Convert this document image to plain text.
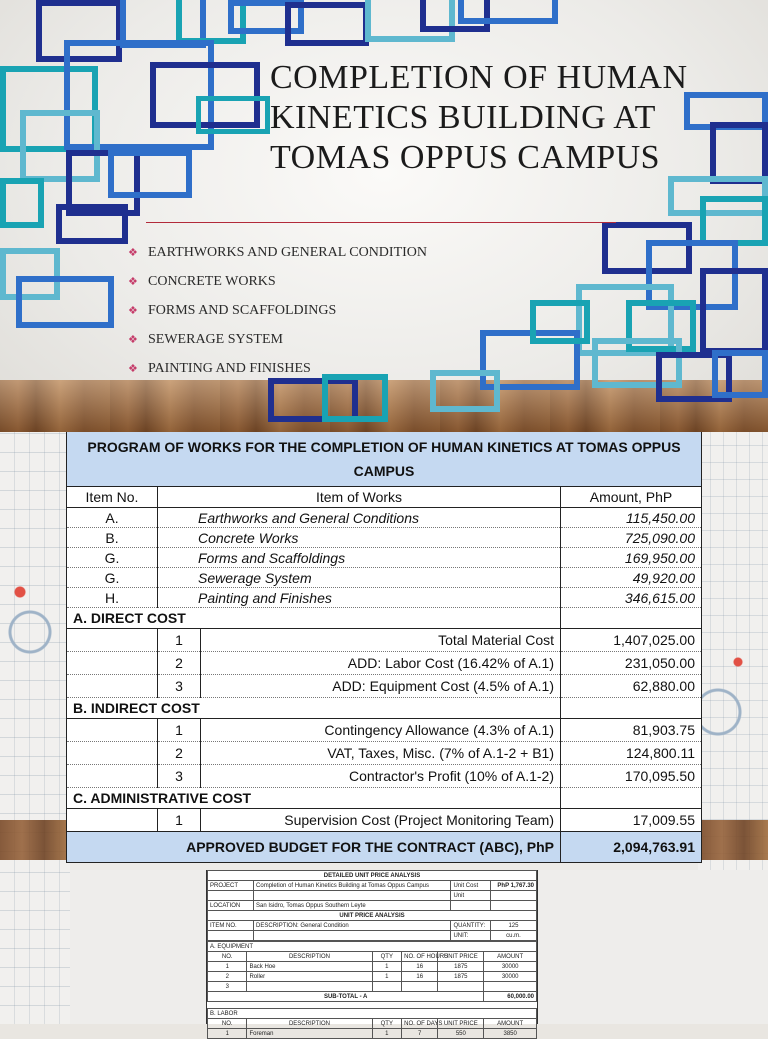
COMPLETION OF HUMAN KINETICS BUILDING AT TOMAS OPPUS CAMPUS
❖ EARTHWORKS AND GENERAL CONDITION
❖ CONCRETE WORKS
❖ FORMS AND SCAFFOLDINGS
❖ SEWERAGE SYSTEM
❖ PAINTING AND FINISHES
PROGRAM OF WORKS FOR THE COMPLETION OF HUMAN KINETICS AT TOMAS OPPUS CAMPUS			
Item No.	Item of Works		Amount, PhP
A.	Earthworks and General Conditions		115,450.00
B.	Concrete Works		725,090.00
G.	Forms and Scaffoldings		169,950.00
G.	Sewerage System		49,920.00
H.	Painting and Finishes		346,615.00
A. DIRECT COST			
	1	Total Material Cost	1,407,025.00
	2	ADD: Labor Cost (16.42% of A.1)	231,050.00
	3	ADD: Equipment Cost (4.5% of A.1)	62,880.00
B. INDIRECT COST			
	1	Contingency Allowance (4.3% of A.1)	81,903.75
	2	VAT, Taxes, Misc. (7% of A.1-2 + B1)	124,800.11
	3	Contractor's Profit (10% of A.1-2)	170,095.50
C. ADMINISTRATIVE COST			
	1	Supervision Cost (Project Monitoring Team)	17,009.55
APPROVED BUDGET FOR THE CONTRACT (ABC), PhP			2,094,763.91
DETAILED UNIT PRICE ANALYSIS			
PROJECT	Completion of Human Kinetics Building at Tomas Oppus Campus	Unit Cost	PhP 1,767.30
		Unit	
LOCATION	San Isidro, Tomas Oppus Southern Leyte		
UNIT PRICE ANALYSIS			
ITEM NO.	DESCRIPTION: General Condition	QUANTITY:	125
		UNIT:	cu.m.
A. EQUIPMENT					
NO.	DESCRIPTION	QTY	NO. OF HOURS	UNIT PRICE	AMOUNT
1	Back Hoe	1	16	1875	30000
2	Roller	1	16	1875	30000
3					
SUB-TOTAL - A					60,000.00

B. LABOR					
NO.	DESCRIPTION	QTY	NO. OF DAYS	UNIT PRICE	AMOUNT
1	Foreman	1	7	550	3850
